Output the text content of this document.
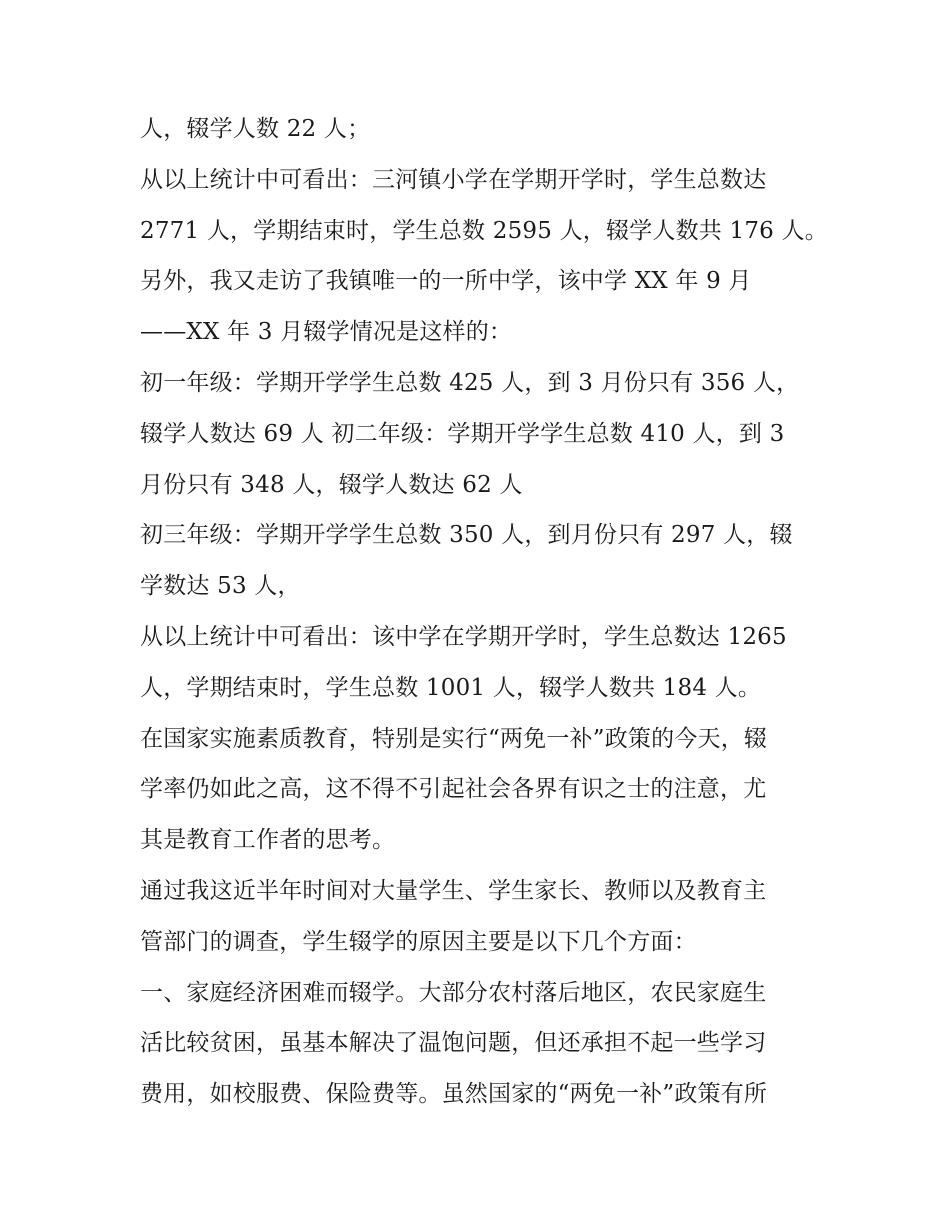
人，辍学人数 22 人；
从以上统计中可看出：三河镇小学在学期开学时，学生总数达
2771 人，学期结束时，学生总数 2595 人，辍学人数共 176 人。
另外，我又走访了我镇唯一的一所中学，该中学 XX 年 9 月
——XX 年 3 月辍学情况是这样的：
初一年级：学期开学学生总数 425 人，到 3 月份只有 356 人，
辍学人数达 69 人 初二年级：学期开学学生总数 410 人，到 3
月份只有 348 人，辍学人数达 62 人
初三年级：学期开学学生总数 350 人，到月份只有 297 人，辍
学数达 53 人，
从以上统计中可看出：该中学在学期开学时，学生总数达 1265
人，学期结束时，学生总数 1001 人，辍学人数共 184 人。
在国家实施素质教育，特别是实行“两免一补”政策的今天，辍
学率仍如此之高，这不得不引起社会各界有识之士的注意，尤
其是教育工作者的思考。
通过我这近半年时间对大量学生、学生家长、教师以及教育主
管部门的调查，学生辍学的原因主要是以下几个方面：
一、家庭经济困难而辍学。大部分农村落后地区，农民家庭生
活比较贫困，虽基本解决了温饱问题，但还承担不起一些学习
费用，如校服费、保险费等。虽然国家的“两免一补”政策有所
